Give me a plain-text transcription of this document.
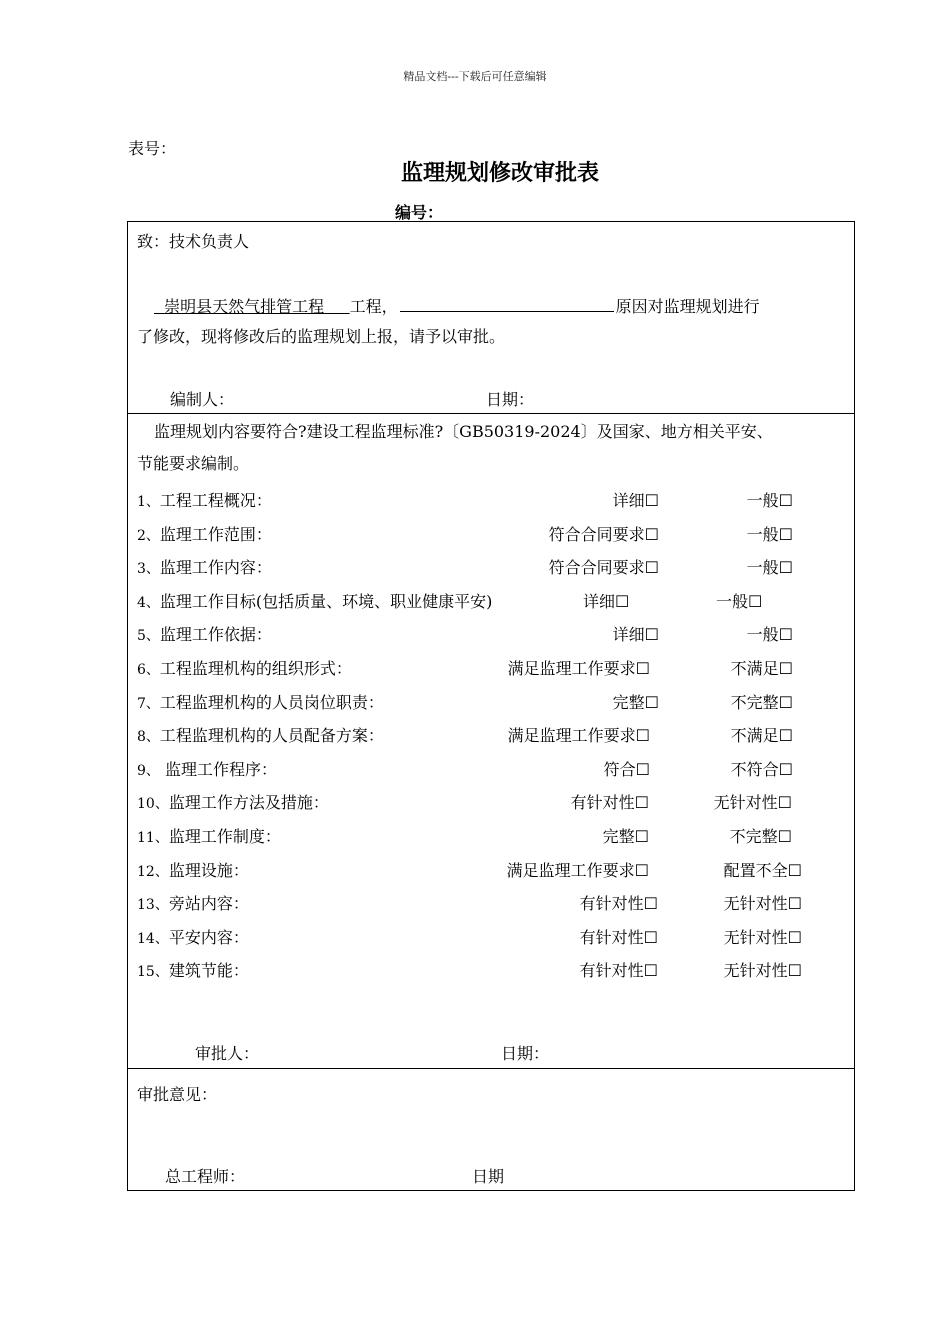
精品文档---下载后可任意编辑
表号：
监理规划修改审批表
编号：
致：技术负责人
崇明县天然气排管工程 工程，	原因对监理规划进行
了修改，现将修改后的监理规划上报，请予以审批。
编制人：	日期：
监理规划内容要符合?建设工程监理标准?〔GB50319-2024〕及国家、地方相关平安、
节能要求编制。
1、工程工程概况：	详细☐	一般☐
2、监理工作范围：	符合合同要求☐	一般☐
3、监理工作内容：	符合合同要求☐	一般☐
4、监理工作目标(包括质量、环境、职业健康平安)	详细☐	一般☐
5、监理工作依据：	详细☐	一般☐
6、工程监理机构的组织形式：	满足监理工作要求☐	不满足☐
7、工程监理机构的人员岗位职责：	完整☐	不完整☐
8、工程监理机构的人员配备方案：	满足监理工作要求☐	不满足☐
9、 监理工作程序：	符合☐	不符合☐
10、监理工作方法及措施：	有针对性☐	无针对性☐
11、监理工作制度：	完整☐	不完整☐
12、监理设施：	满足监理工作要求☐	配置不全☐
13、旁站内容：	有针对性☐	无针对性☐
14、平安内容：	有针对性☐	无针对性☐
15、建筑节能：	有针对性☐	无针对性☐
审批人：	日期：
审批意见：
总工程师：	日期
